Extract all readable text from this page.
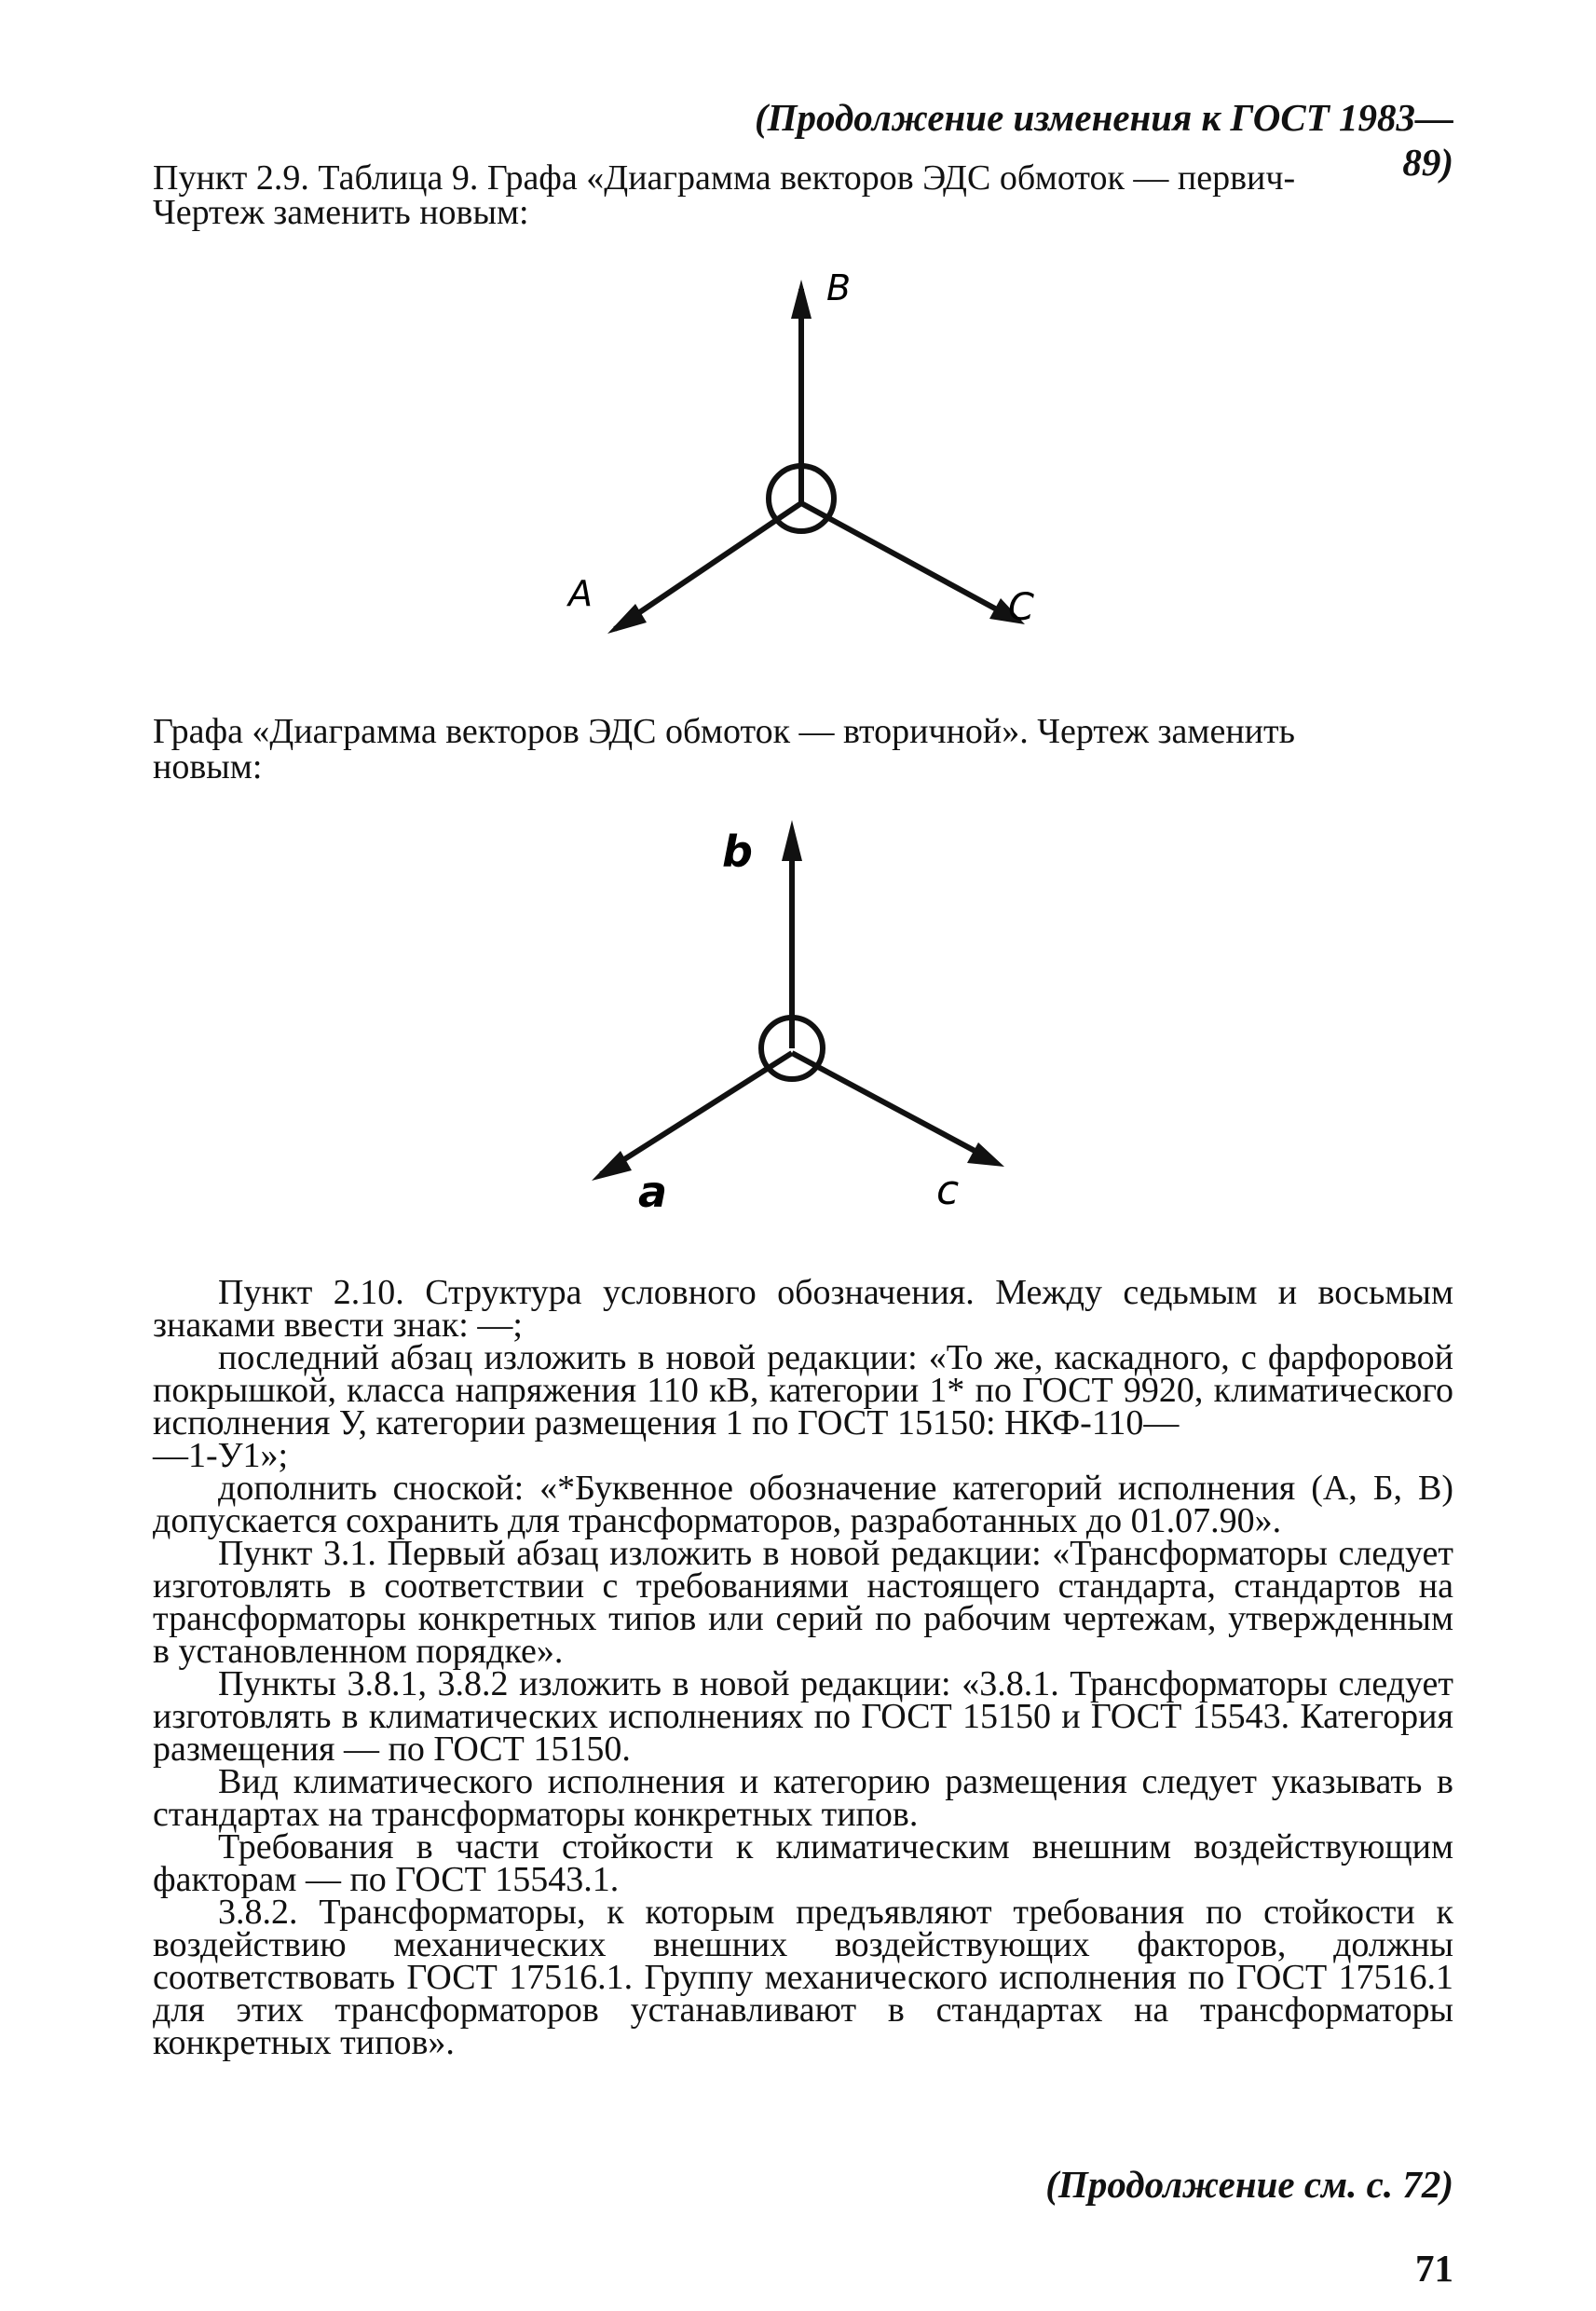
(Продолжение изменения к ГОСТ 1983—89)
Пункт 2.9. Таблица 9. Графа «Диаграмма векторов ЭДС обмоток — первич-
Чертеж заменить новым:
B
A	C
Графа «Диаграмма векторов ЭДС обмоток — вторичной». Чертеж заменить
новым:
b
a	c

Пункт 2.10. Структура условного обозначения. Между седьмым и восьмым знаками ввести знак: —;

последний абзац изложить в новой редакции: «То же, каскадного, с фарфоровой покрышкой, класса напряжения 110 кВ, категории 1* по ГОСТ 9920, климатического исполнения У, категории размещения 1 по ГОСТ 15150: НКФ-110—

—1-У1»;

дополнить сноской: «*Буквенное обозначение категорий исполнения (А, Б, В) допускается сохранить для трансформаторов, разработанных до 01.07.90».

Пункт 3.1. Первый абзац изложить в новой редакции: «Трансформаторы следует изготовлять в соответствии с требованиями настоящего стандарта, стандартов на трансформаторы конкретных типов или серий по рабочим чертежам, утвержденным в установленном порядке».

Пункты 3.8.1, 3.8.2 изложить в новой редакции: «3.8.1. Трансформаторы следует изготовлять в климатических исполнениях по ГОСТ 15150 и ГОСТ 15543. Категория размещения — по ГОСТ 15150.

Вид климатического исполнения и категорию размещения следует указывать в стандартах на трансформаторы конкретных типов.

Требования в части стойкости к климатическим внешним воздействующим факторам — по ГОСТ 15543.1.

3.8.2. Трансформаторы, к которым предъявляют требования по стойкости к воздействию механических внешних воздействующих факторов, должны соответствовать ГОСТ 17516.1. Группу механического исполнения по ГОСТ 17516.1 для этих трансформаторов устанавливают в стандартах на трансформаторы конкретных типов».

(Продолжение см. с. 72)
71
